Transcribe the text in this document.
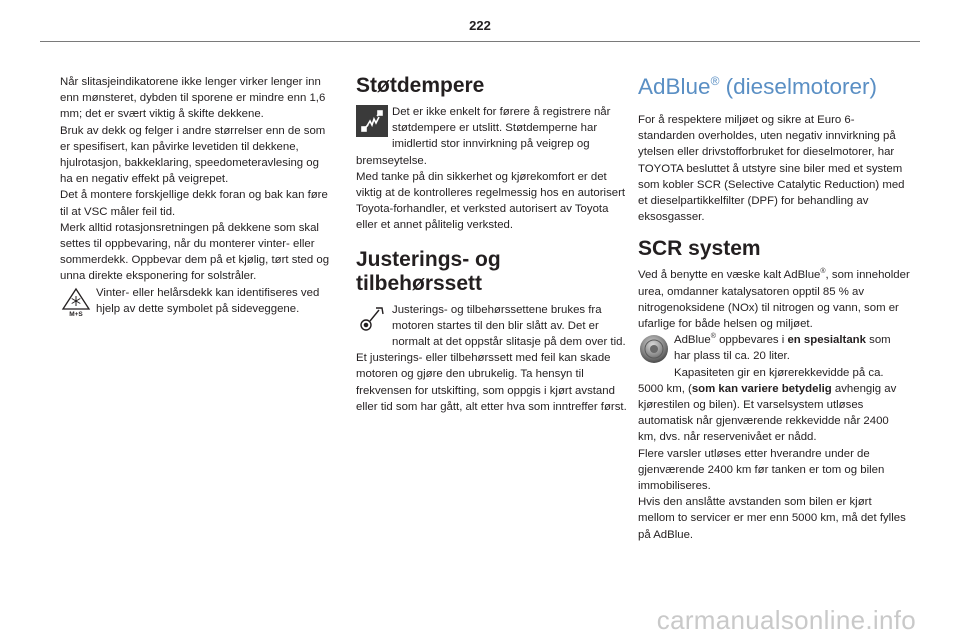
222

Når slitasjeindikatorene ikke lenger virker lenger inn enn mønsteret, dybden til sporene er mindre enn 1,6 mm; det er svært viktig å skifte dekkene.

Bruk av dekk og felger i andre størrelser enn de som er spesifisert, kan påvirke levetiden til dekkene, hjulrotasjon, bakkeklaring, speedometeravlesing og ha en negativ effekt på veigrepet.

Det å montere forskjellige dekk foran og bak kan føre til at VSC måler feil tid.

Merk alltid rotasjonsretningen på dekkene som skal settes til oppbevaring, når du monterer vinter- eller sommerdekk. Oppbevar dem på et kjølig, tørt sted og unna direkte eksponering for solstråler.

M+S
Vinter- eller helårsdekk kan identifiseres ved hjelp av dette symbolet på sideveggene.
Støtdempere
Det er ikke enkelt for førere å registrere når støtdempere er utslitt. Støtdemperne har imidlertid stor innvirkning på veigrep og bremseytelse.

Med tanke på din sikkerhet og kjørekomfort er det viktig at de kontrolleres regelmessig hos en autorisert Toyota-forhandler, et verksted autorisert av Toyota eller et annet pålitelig verksted.

Justerings- og tilbehørssett
Justerings- og tilbehørssettene brukes fra motoren startes til den blir slått av. Det er normalt at det oppstår slitasje på dem over tid.

Et justerings- eller tilbehørssett med feil kan skade motoren og gjøre den ubrukelig. Ta hensyn til frekvensen for utskifting, som oppgis i kjørt avstand eller tid som har gått, alt etter hva som inntreffer først.

AdBlue® (dieselmotorer)

For å respektere miljøet og sikre at Euro 6-standarden overholdes, uten negativ innvirkning på ytelsen eller drivstofforbruket for dieselmotorer, har TOYOTA besluttet å utstyre sine biler med et system som kobler SCR (Selective Catalytic Reduction) med et dieselpartikkelfilter (DPF) for behandling av eksosgasser.

SCR system

Ved å benytte en væske kalt AdBlue®, som inneholder urea, omdanner katalysatoren opptil 85 % av nitrogenoksidene (NOx) til nitrogen og vann, som er ufarlige for både helsen og miljøet.

AdBlue® oppbevares i en spesialtank som har plass til ca. 20 liter.

Kapasiteten gir en kjørerekkevidde på ca. 5000 km, (som kan variere betydelig avhengig av kjørestilen og bilen). Et varselsystem utløses automatisk når gjenværende rekkevidde når 2400 km, dvs. når reservenivået er nådd.

Flere varsler utløses etter hverandre under de gjenværende 2400 km før tanken er tom og bilen immobiliseres.

Hvis den anslåtte avstanden som bilen er kjørt mellom to servicer er mer enn 5000 km, må det fylles på AdBlue.

carmanualsonline.info
